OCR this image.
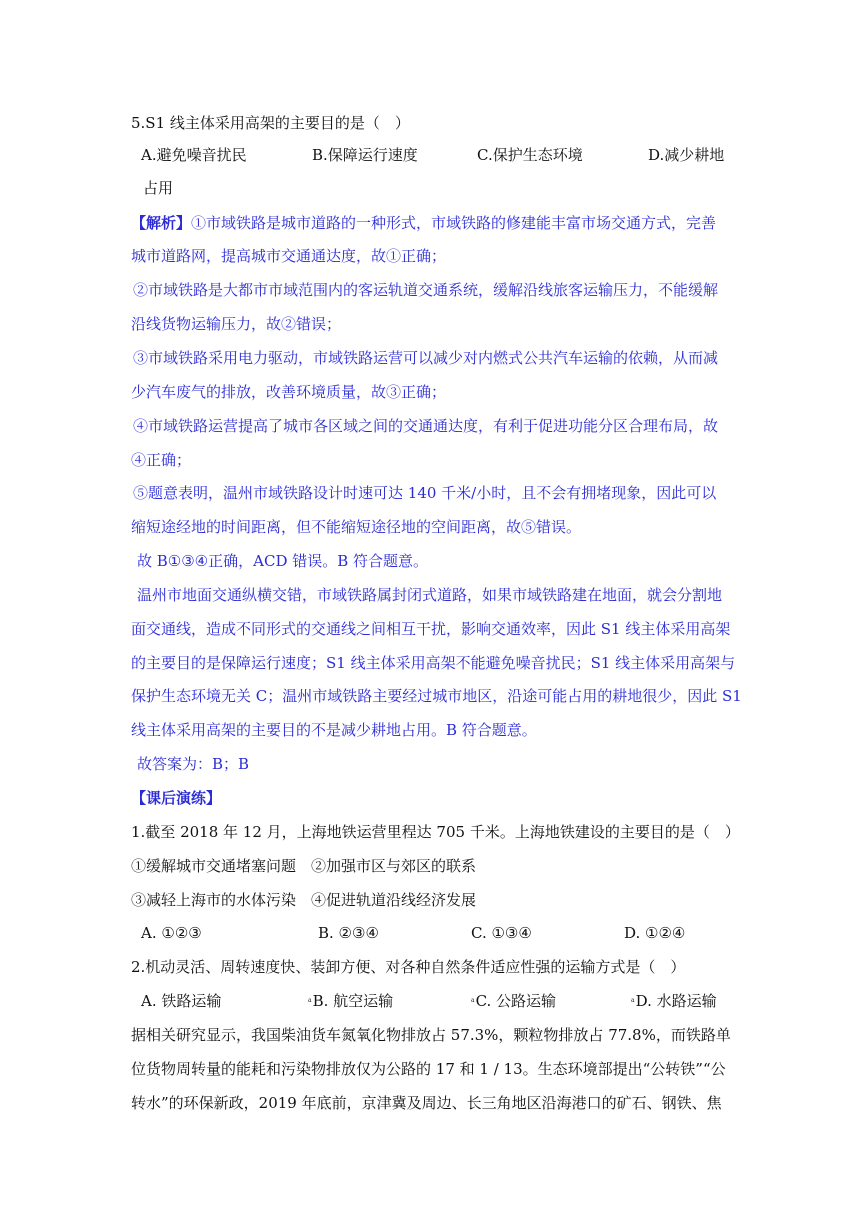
5.S1 线主体采用高架的主要目的是（　）
A.避免噪音扰民	B.保障运行速度	C.保护生态环境	D.减少耕地
占用
【解析】①市域铁路是城市道路的一种形式，市域铁路的修建能丰富市场交通方式，完善
城市道路网，提高城市交通通达度，故①正确；
②市域铁路是大都市市域范围内的客运轨道交通系统，缓解沿线旅客运输压力，不能缓解
沿线货物运输压力，故②错误；
③市域铁路采用电力驱动，市域铁路运营可以减少对内燃式公共汽车运输的依赖，从而减
少汽车废气的排放，改善环境质量，故③正确；
④市域铁路运营提高了城市各区域之间的交通通达度，有利于促进功能分区合理布局，故
④正确；
⑤题意表明，温州市域铁路设计时速可达 140 千米/小时，且不会有拥堵现象，因此可以
缩短途经地的时间距离，但不能缩短途径地的空间距离，故⑤错误。
故 B①③④正确，ACD 错误。B 符合题意。
温州市地面交通纵横交错，市域铁路属封闭式道路，如果市域铁路建在地面，就会分割地
面交通线，造成不同形式的交通线之间相互干扰，影响交通效率，因此 S1 线主体采用高架
的主要目的是保障运行速度；S1 线主体采用高架不能避免噪音扰民；S1 线主体采用高架与
保护生态环境无关 C；温州市域铁路主要经过城市地区，沿途可能占用的耕地很少，因此 S1
线主体采用高架的主要目的不是减少耕地占用。B 符合题意。
故答案为：B；B
【课后演练】
1.截至 2018 年 12 月，上海地铁运营里程达 705 千米。上海地铁建设的主要目的是（　）
①缓解城市交通堵塞问题　②加强市区与郊区的联系
③减轻上海市的水体污染　④促进轨道沿线经济发展
A. ①②③	B. ②③④	C. ①③④	D. ①②④
2.机动灵活、周转速度快、装卸方便、对各种自然条件适应性强的运输方式是（　）
A. 铁路运输	aB. 航空运输	aC. 公路运输	aD. 水路运输
据相关研究显示，我国柴油货车氮氧化物排放占 57.3%，颗粒物排放占 77.8%，而铁路单
位货物周转量的能耗和污染物排放仅为公路的 17 和 1 / 13。生态环境部提出“公转铁”“公
转水”的环保新政，2019 年底前，京津冀及周边、长三角地区沿海港口的矿石、钢铁、焦
